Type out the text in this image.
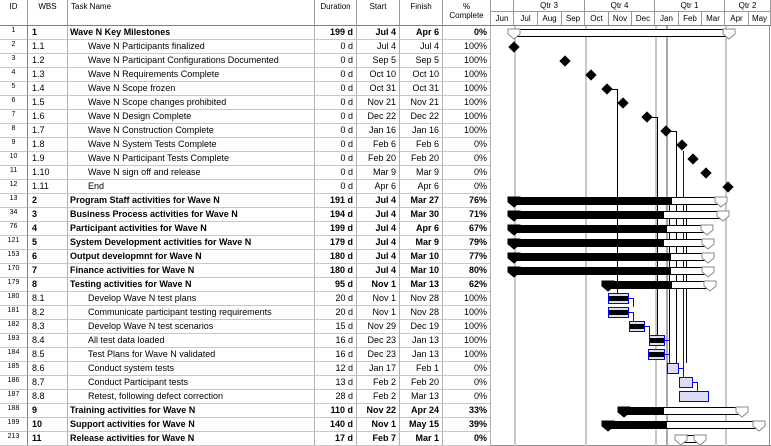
ID	WBS	Task Name	Duration	Start	Finish	%
Complete
Qtr 3	Qtr 4	Qtr 1	Qtr 2
Jun	Jul	Aug	Sep	Oct	Nov	Dec	Jan	Feb	Mar	Apr	May
1	1	Wave N Key Milestones	199 d	Jul 4	Apr 6	0%
2	1.1	Wave N Participants finalized	0 d	Jul 4	Jul 4	100%
3	1.2	Wave N Participant Configurations Documented	0 d	Sep 5	Sep 5	100%
4	1.3	Wave N Requirements Complete	0 d	Oct 10	Oct 10	100%
5	1.4	Wave N Scope frozen	0 d	Oct 31	Oct 31	100%
6	1.5	Wave N Scope changes prohibited	0 d	Nov 21	Nov 21	100%
7	1.6	Wave N Design Complete	0 d	Dec 22	Dec 22	100%
8	1.7	Wave N Construction Complete	0 d	Jan 16	Jan 16	100%
9	1.8	Wave N System Tests Complete	0 d	Feb 6	Feb 6	0%
10	1.9	Wave N Participant Tests Complete	0 d	Feb 20	Feb 20	0%
11	1.10	Wave N sign off and release	0 d	Mar 9	Mar 9	0%
12	1.11	End	0 d	Apr 6	Apr 6	0%
13	2	Program Staff activities for Wave N	191 d	Jul 4	Mar 27	76%
34	3	Business Process activities for Wave N	194 d	Jul 4	Mar 30	71%
76	4	Participant activities for Wave N	199 d	Jul 4	Apr 6	67%
121	5	System Development activities for Wave N	179 d	Jul 4	Mar 9	79%
153	6	Output developmnt for Wave N	180 d	Jul 4	Mar 10	77%
170	7	Finance activities for Wave N	180 d	Jul 4	Mar 10	80%
179	8	Testing activities for Wave N	95 d	Nov 1	Mar 13	62%
180	8.1	Develop Wave N test plans	20 d	Nov 1	Nov 28	100%
181	8.2	Communicate participant testing requirements	20 d	Nov 1	Nov 28	100%
182	8.3	Develop Wave N test scenarios	15 d	Nov 29	Dec 19	100%
183	8.4	All test data loaded	16 d	Dec 23	Jan 13	100%
184	8.5	Test Plans for Wave N validated	16 d	Dec 23	Jan 13	100%
185	8.6	Conduct system tests	12 d	Jan 17	Feb 1	0%
186	8.7	Conduct Participant tests	13 d	Feb 2	Feb 20	0%
187	8.8	Retest, following defect correction	28 d	Feb 2	Mar 13	0%
188	9	Training activities for Wave N	110 d	Nov 22	Apr 24	33%
199	10	Support activities for Wave N	140 d	Nov 1	May 15	39%
213	11	Release activities for Wave N	17 d	Feb 7	Mar 1	0%
